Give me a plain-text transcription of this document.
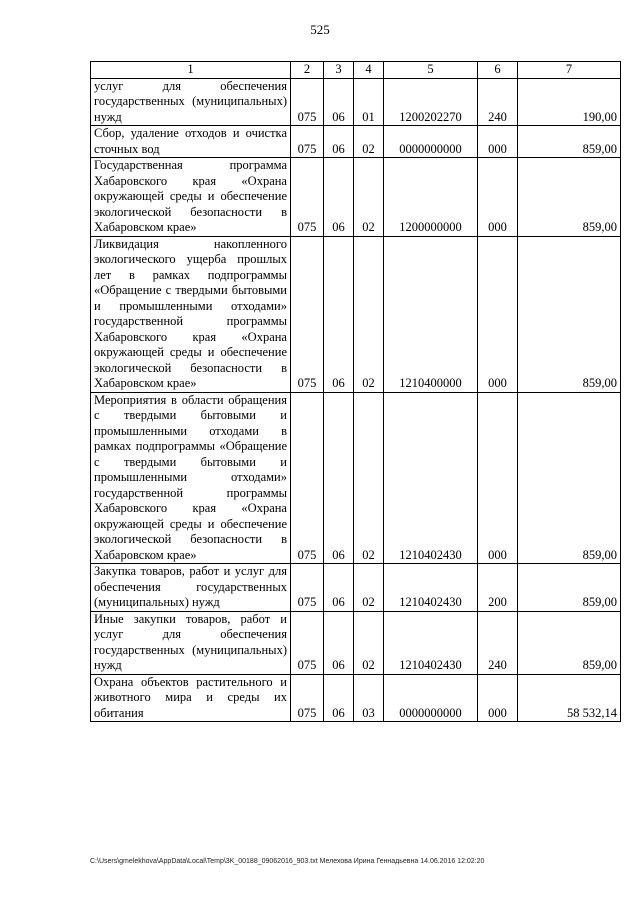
525
1	2	3	4	5	6	7
услуг для обеспечения государственных (муниципальных) нужд	075	06	01	1200202270	240	190,00
Сбор, удаление отходов и очистка сточных вод	075	06	02	0000000000	000	859,00
Государственная программа Хабаровского края «Охрана окружающей среды и обеспечение экологической безопасности в Хабаровском крае»	075	06	02	1200000000	000	859,00
Ликвидация накопленного экологического ущерба прошлых лет в рамках подпрограммы «Обращение с твердыми бытовыми и промышленными отходами» государственной программы Хабаровского края «Охрана окружающей среды и обеспечение экологической безопасности в Хабаровском крае»	075	06	02	1210400000	000	859,00
Мероприятия в области обращения с твердыми бытовыми и промышленными отходами в рамках подпрограммы «Обращение с твердыми бытовыми и промышленными отходами» государственной программы Хабаровского края «Охрана окружающей среды и обеспечение экологической безопасности в Хабаровском крае»	075	06	02	1210402430	000	859,00
Закупка товаров, работ и услуг для обеспечения государственных (муниципальных) нужд	075	06	02	1210402430	200	859,00
Иные закупки товаров, работ и услуг для обеспечения государственных (муниципальных) нужд	075	06	02	1210402430	240	859,00
Охрана объектов растительного и животного мира и среды их обитания	075	06	03	0000000000	000	58 532,14
C:\Users\gmelekhova\AppData\Local\Temp\3K_00188_09062016_903.txt Мелехова Ирина Геннадьевна 14.06.2016 12:02:20
